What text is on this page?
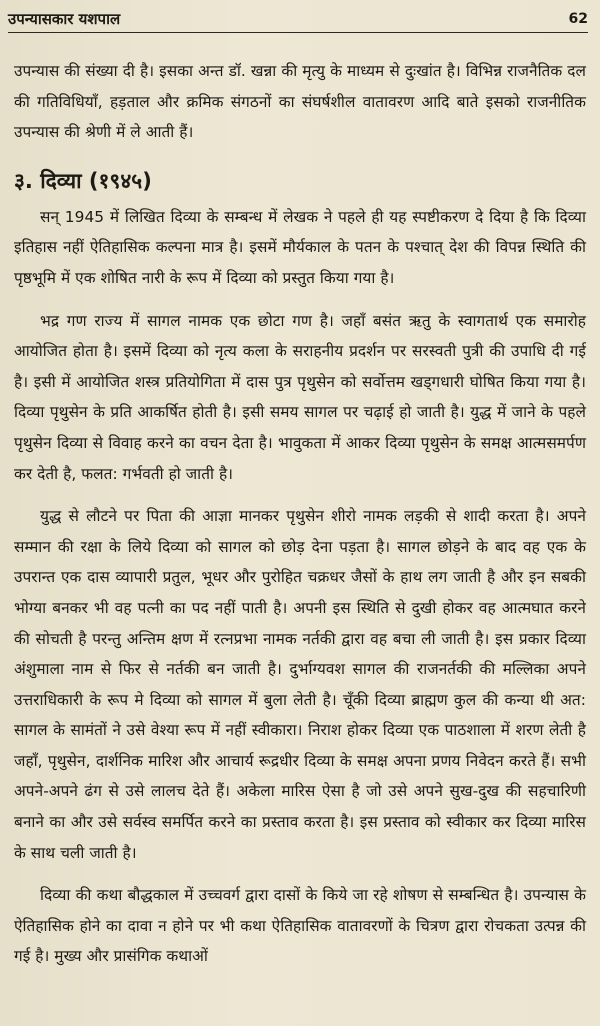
उपन्यासकार यशपाल	62

उपन्यास की संख्या दी है। इसका अन्त डॉ. खन्ना की मृत्यु के माध्यम से दुःखांत है। विभिन्न राजनैतिक दल की गतिविधियाँ, हड़ताल और क्रमिक संगठनों का संघर्षशील वातावरण आदि बाते इसको राजनीतिक उपन्यास की श्रेणी में ले आती हैं।

३. दिव्या (१९४५)

सन् 1945 में लिखित दिव्या के सम्बन्ध में लेखक ने पहले ही यह स्पष्टीकरण दे दिया है कि दिव्या इतिहास नहीं ऐतिहासिक कल्पना मात्र है। इसमें मौर्यकाल के पतन के पश्चात् देश की विपन्न स्थिति की पृष्ठभूमि में एक शोषित नारी के रूप में दिव्या को प्रस्तुत किया गया है।

भद्र गण राज्य में सागल नामक एक छोटा गण है। जहाँ बसंत ऋतु के स्वागतार्थ एक समारोह आयोजित होता है। इसमें दिव्या को नृत्य कला के सराहनीय प्रदर्शन पर सरस्वती पुत्री की उपाधि दी गई है। इसी में आयोजित शस्त्र प्रतियोगिता में दास पुत्र पृथुसेन को सर्वोत्तम खड्गधारी घोषित किया गया है। दिव्या पृथुसेन के प्रति आकर्षित होती है। इसी समय सागल पर चढ़ाई हो जाती है। युद्ध में जाने के पहले पृथुसेन दिव्या से विवाह करने का वचन देता है। भावुकता में आकर दिव्या पृथुसेन के समक्ष आत्मसमर्पण कर देती है, फलत: गर्भवती हो जाती है।

युद्ध से लौटने पर पिता की आज्ञा मानकर पृथुसेन शीरो नामक लड़की से शादी करता है। अपने सम्मान की रक्षा के लिये दिव्या को सागल को छोड़ देना पड़ता है। सागल छोड़ने के बाद वह एक के उपरान्त एक दास व्यापारी प्रतुल, भूधर और पुरोहित चक्रधर जैसों के हाथ लग जाती है और इन सबकी भोग्या बनकर भी वह पत्नी का पद नहीं पाती है। अपनी इस स्थिति से दुखी होकर वह आत्मघात करने की सोचती है परन्तु अन्तिम क्षण में रत्नप्रभा नामक नर्तकी द्वारा वह बचा ली जाती है। इस प्रकार दिव्या अंशुमाला नाम से फिर से नर्तकी बन जाती है। दुर्भाग्यवश सागल की राजनर्तकी की मल्लिका अपने उत्तराधिकारी के रूप मे दिव्या को सागल में बुला लेती है। चूँकी दिव्या ब्राह्मण कुल की कन्या थी अत: सागल के सामंतों ने उसे वेश्या रूप में नहीं स्वीकारा। निराश होकर दिव्या एक पाठशाला में शरण लेती है जहाँ, पृथुसेन, दार्शनिक मारिश और आचार्य रूद्रधीर दिव्या के समक्ष अपना प्रणय निवेदन करते हैं। सभी अपने-अपने ढंग से उसे लालच देते हैं। अकेला मारिस ऐसा है जो उसे अपने सुख-दुख की सहचारिणी बनाने का और उसे सर्वस्व समर्पित करने का प्रस्ताव करता है। इस प्रस्ताव को स्वीकार कर दिव्या मारिस के साथ चली जाती है।

दिव्या की कथा बौद्धकाल में उच्चवर्ग द्वारा दासों के किये जा रहे शोषण से सम्बन्धित है। उपन्यास के ऐतिहासिक होने का दावा न होने पर भी कथा ऐतिहासिक वातावरणों के चित्रण द्वारा रोचकता उत्पन्न की गई है। मुख्य और प्रासंगिक कथाओं
